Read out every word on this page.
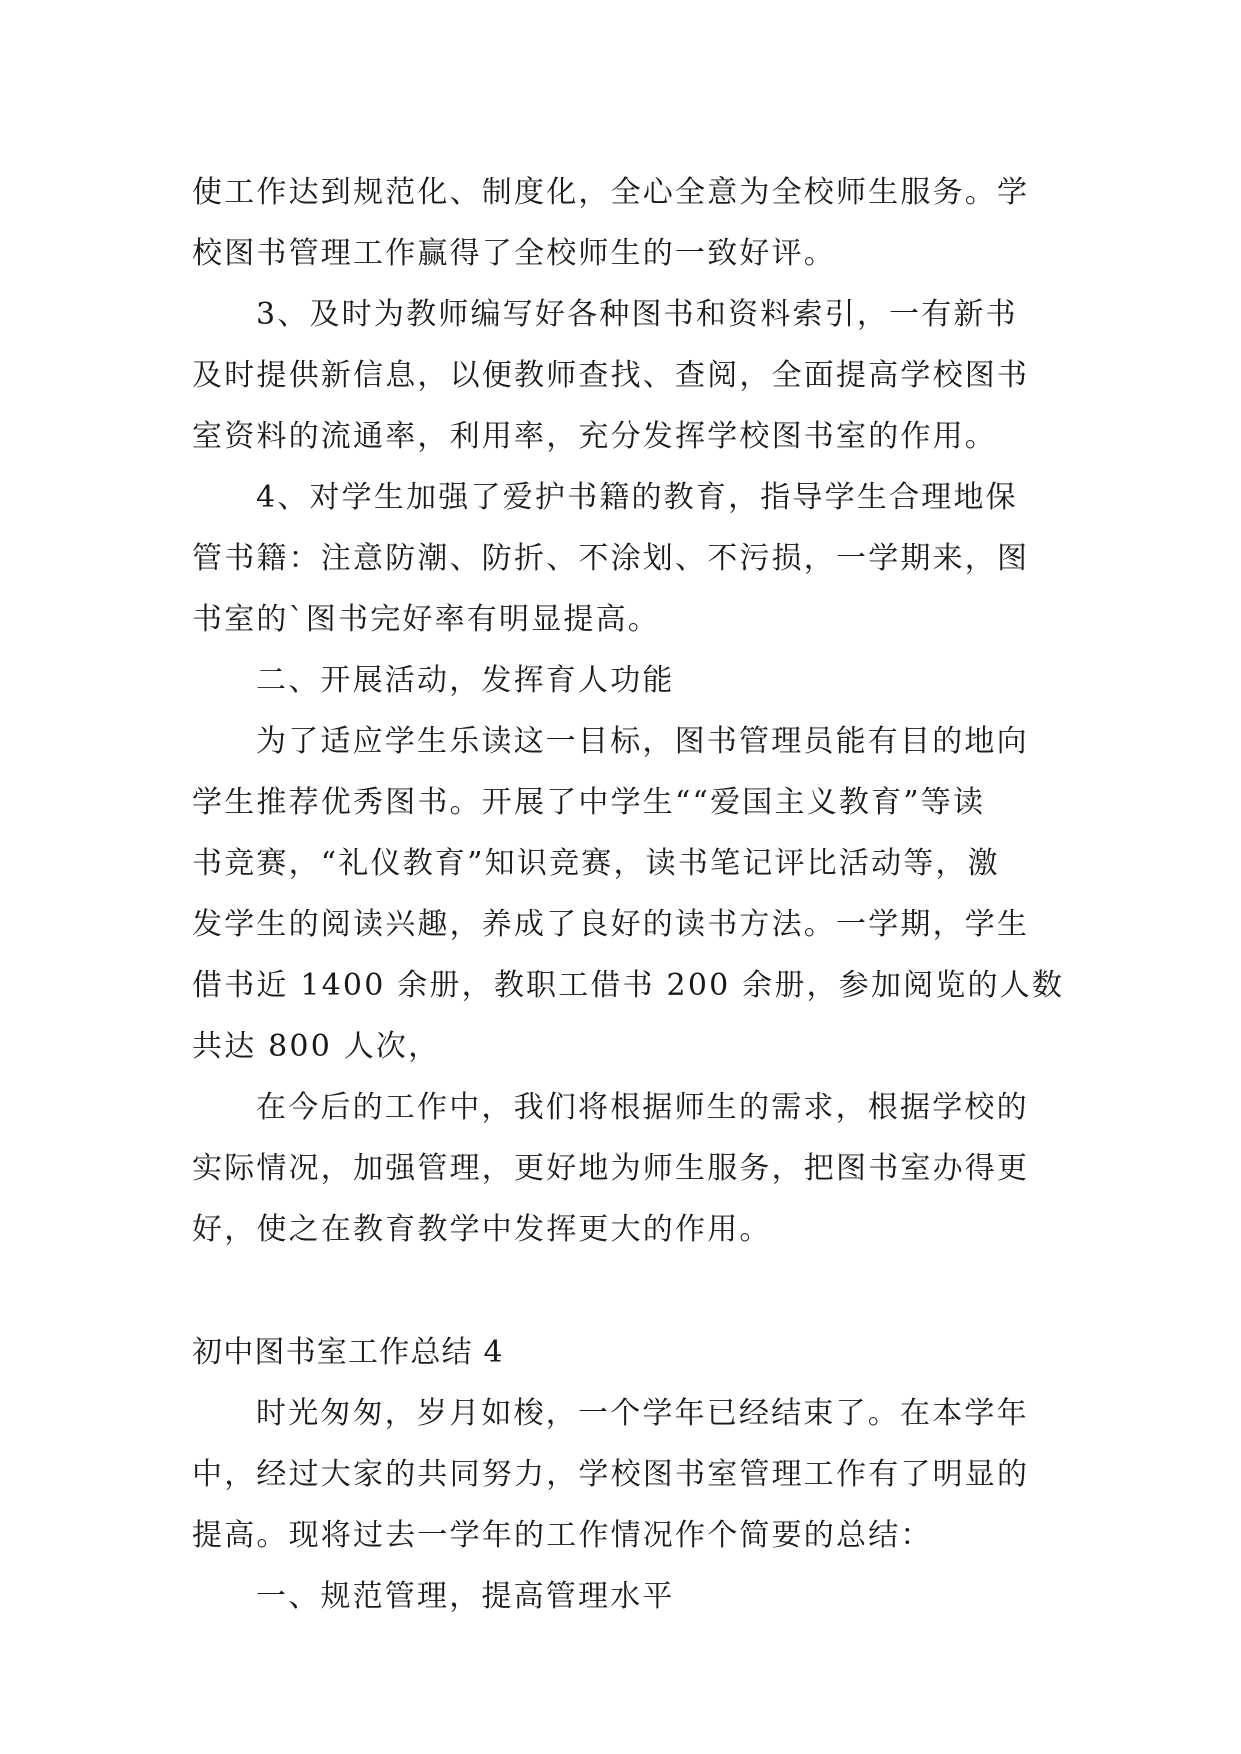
使工作达到规范化、制度化，全心全意为全校师生服务。学
校图书管理工作赢得了全校师生的一致好评。
3、及时为教师编写好各种图书和资料索引，一有新书
及时提供新信息，以便教师查找、查阅，全面提高学校图书
室资料的流通率，利用率，充分发挥学校图书室的作用。
4、对学生加强了爱护书籍的教育，指导学生合理地保
管书籍：注意防潮、防折、不涂划、不污损，一学期来，图
书室的`图书完好率有明显提高。
二、开展活动，发挥育人功能
为了适应学生乐读这一目标，图书管理员能有目的地向
学生推荐优秀图书。开展了中学生““爱国主义教育”等读
书竞赛，“礼仪教育”知识竞赛，读书笔记评比活动等，激
发学生的阅读兴趣，养成了良好的读书方法。一学期，学生
借书近 1400 余册，教职工借书 200 余册，参加阅览的人数
共达 800 人次，
在今后的工作中，我们将根据师生的需求，根据学校的
实际情况，加强管理，更好地为师生服务，把图书室办得更
好，使之在教育教学中发挥更大的作用。
初中图书室工作总结 4
时光匆匆，岁月如梭，一个学年已经结束了。在本学年
中，经过大家的共同努力，学校图书室管理工作有了明显的
提高。现将过去一学年的工作情况作个简要的总结：
一、规范管理，提高管理水平
